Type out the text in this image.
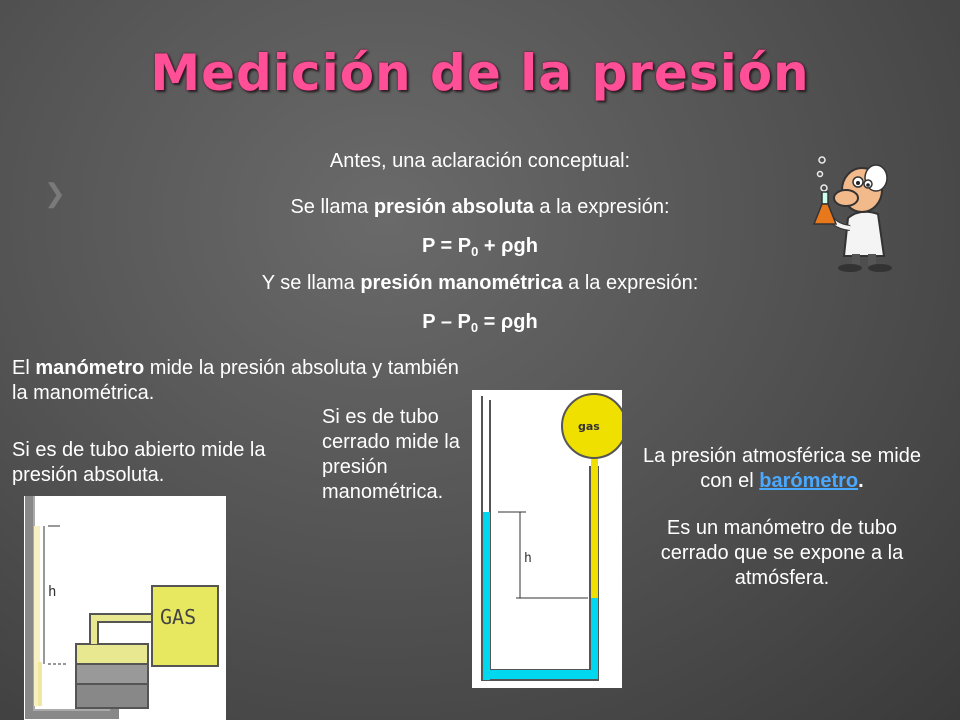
❯
Medición de la presión
Antes, una aclaración conceptual:
Se llama presión absoluta a la expresión:
$P = P_0 + \rho gh$
Y se llama presión manométrica a la expresión:
$P - P_0 = \rho gh$
El manómetro mide la presión absoluta y también la manométrica.
Si es de tubo abierto mide la presión absoluta.
Si es de tubo cerrado mide la presión manométrica.
La presión atmosférica se mide con el barómetro.
Es un manómetro de tubo cerrado que se expone a la atmósfera.
GAS
h
gas
h
